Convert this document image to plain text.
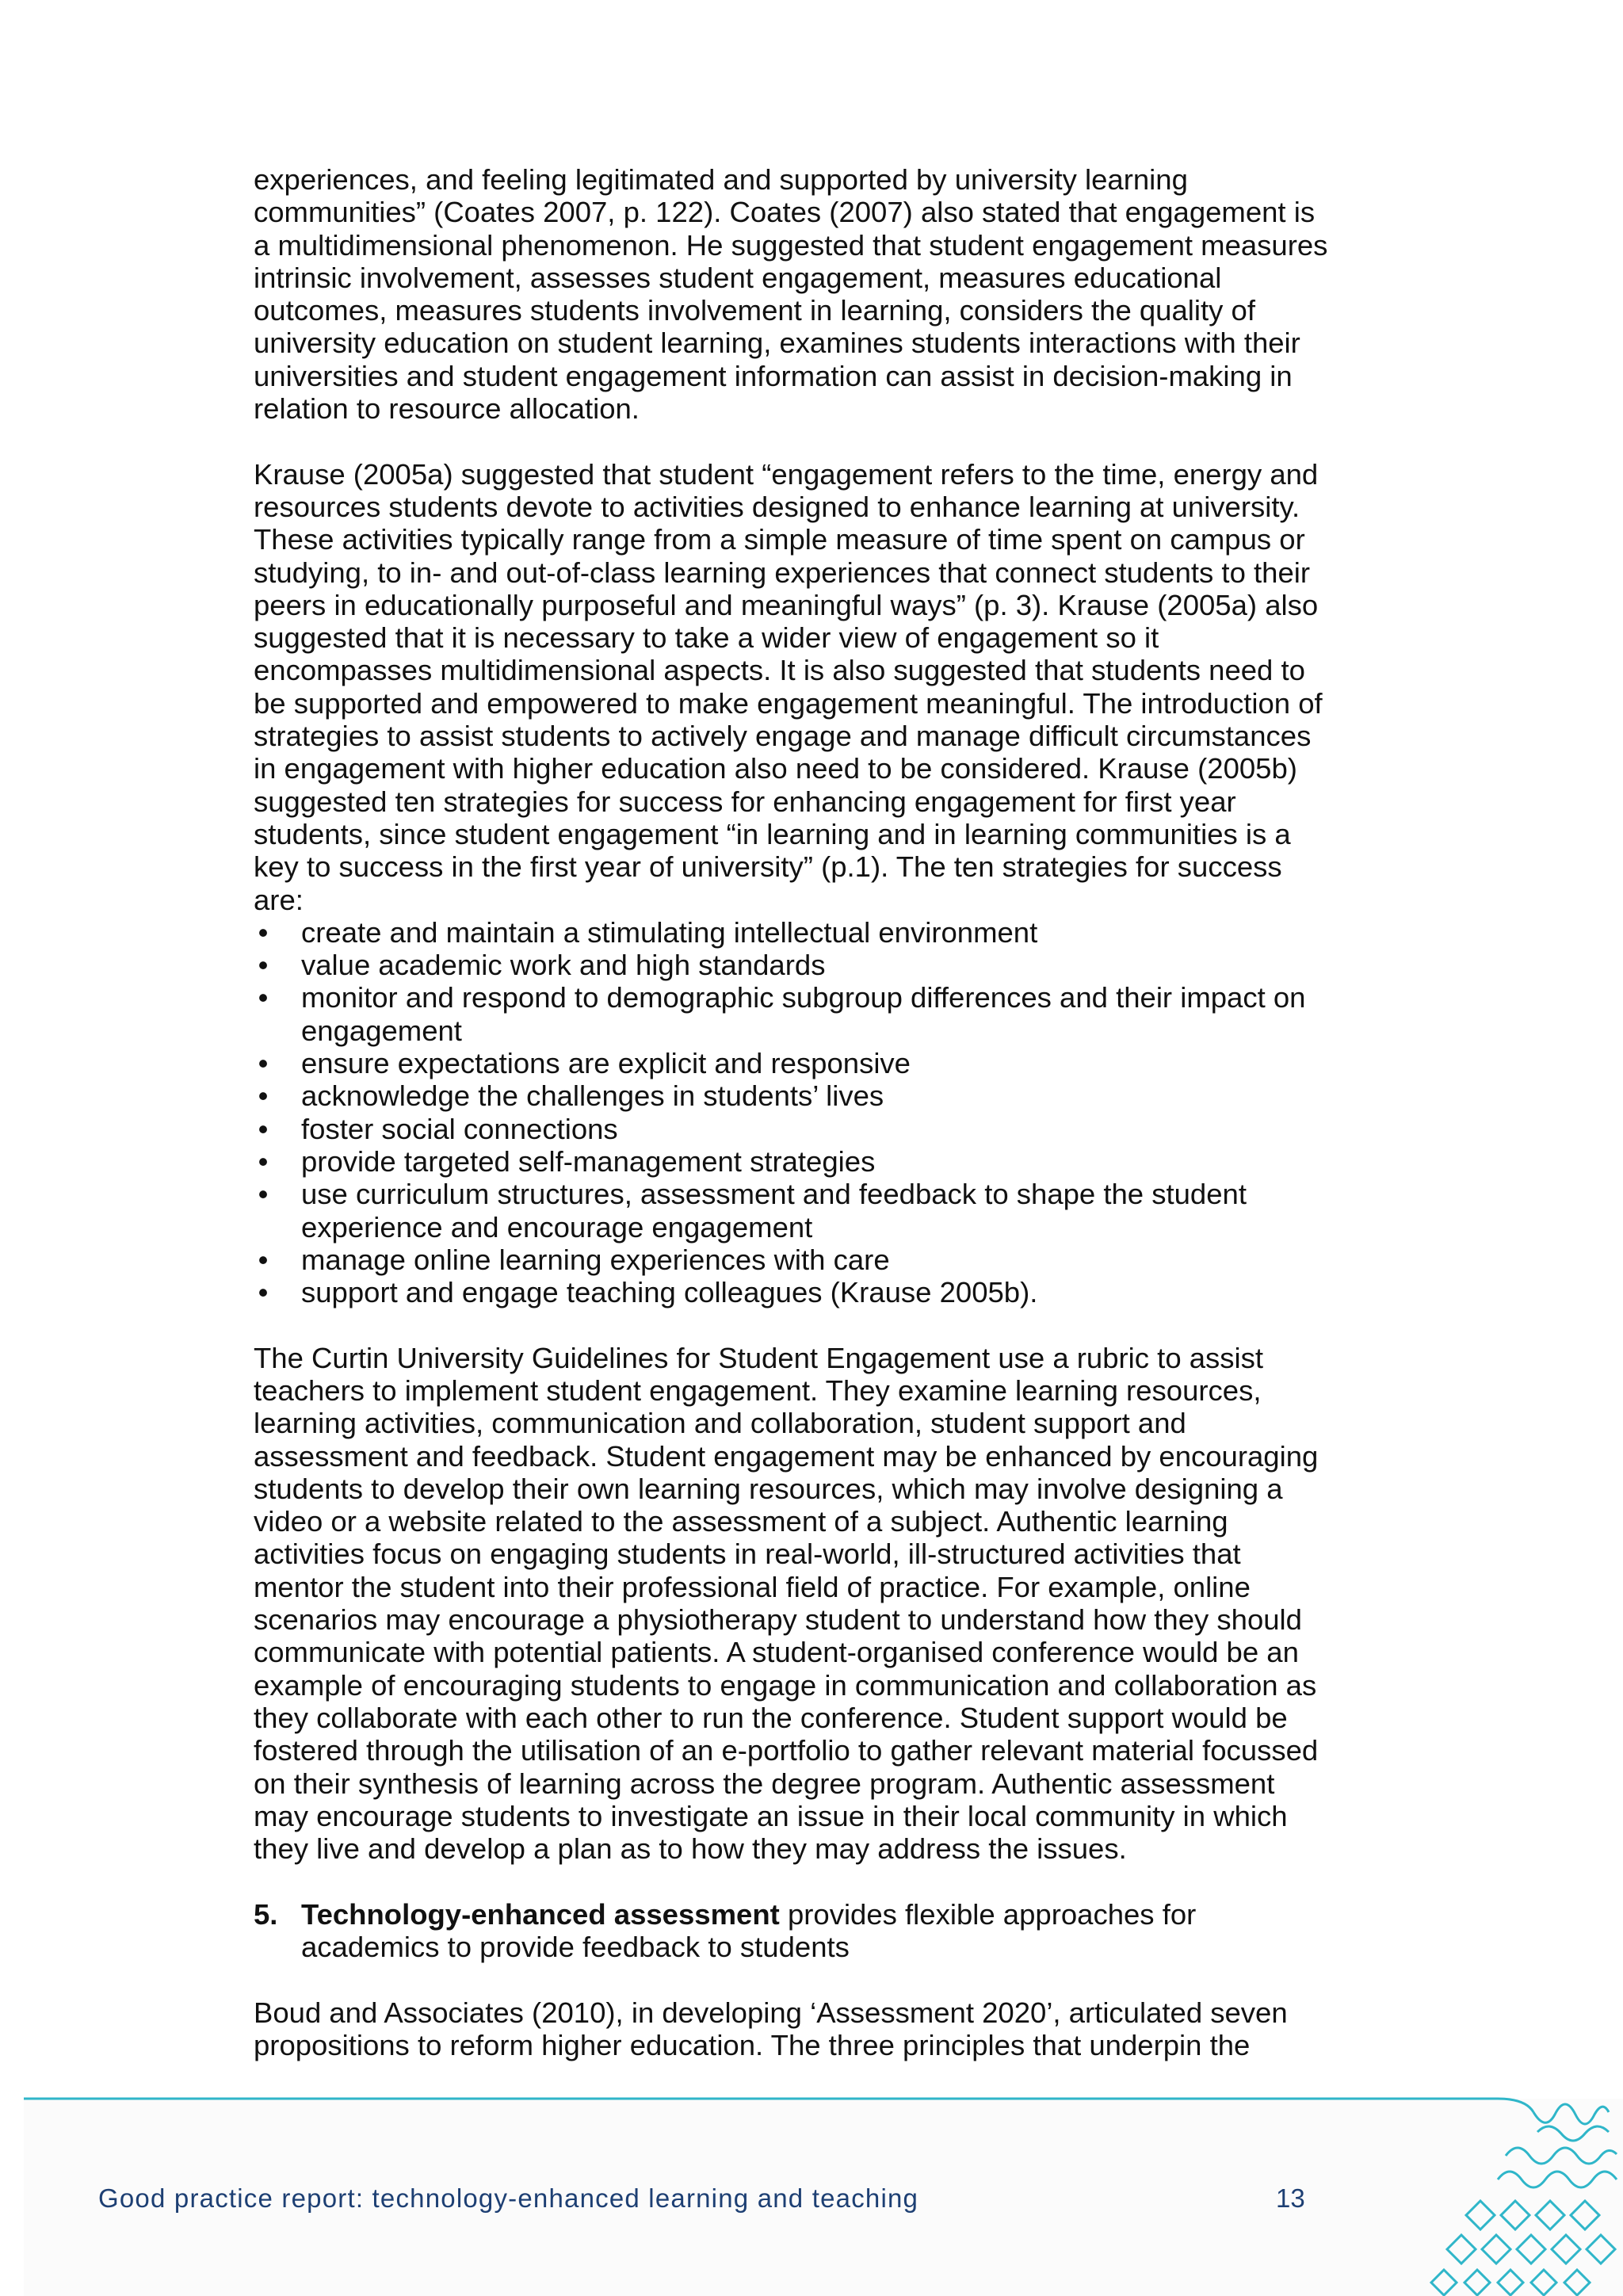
experiences, and feeling legitimated and supported by university learning
communities” (Coates 2007, p. 122). Coates (2007) also stated that engagement is
a multidimensional phenomenon. He suggested that student engagement measures
intrinsic involvement, assesses student engagement, measures educational
outcomes, measures students involvement in learning, considers the quality of
university education on student learning, examines students interactions with their
universities and student engagement information can assist in decision-making in
relation to resource allocation.

Krause (2005a) suggested that student “engagement refers to the time, energy and
resources students devote to activities designed to enhance learning at university.
These activities typically range from a simple measure of time spent on campus or
studying, to in- and out-of-class learning experiences that connect students to their
peers in educationally purposeful and meaningful ways” (p. 3). Krause (2005a) also
suggested that it is necessary to take a wider view of engagement so it
encompasses multidimensional aspects. It is also suggested that students need to
be supported and empowered to make engagement meaningful. The introduction of
strategies to assist students to actively engage and manage difficult circumstances
in engagement with higher education also need to be considered. Krause (2005b)
suggested ten strategies for success for enhancing engagement for first year
students, since student engagement “in learning and in learning communities is a
key to success in the first year of university” (p.1). The ten strategies for success
are:

• create and maintain a stimulating intellectual environment
• value academic work and high standards
• monitor and respond to demographic subgroup differences and their impact on
engagement
• ensure expectations are explicit and responsive
• acknowledge the challenges in students’ lives
• foster social connections
• provide targeted self-management strategies
• use curriculum structures, assessment and feedback to shape the student
experience and encourage engagement
• manage online learning experiences with care
• support and engage teaching colleagues (Krause 2005b).

The Curtin University Guidelines for Student Engagement use a rubric to assist
teachers to implement student engagement. They examine learning resources,
learning activities, communication and collaboration, student support and
assessment and feedback. Student engagement may be enhanced by encouraging
students to develop their own learning resources, which may involve designing a
video or a website related to the assessment of a subject. Authentic learning
activities focus on engaging students in real-world, ill-structured activities that
mentor the student into their professional field of practice. For example, online
scenarios may encourage a physiotherapy student to understand how they should
communicate with potential patients. A student-organised conference would be an
example of encouraging students to engage in communication and collaboration as
they collaborate with each other to run the conference. Student support would be
fostered through the utilisation of an e-portfolio to gather relevant material focussed
on their synthesis of learning across the degree program. Authentic assessment
may encourage students to investigate an issue in their local community in which
they live and develop a plan as to how they may address the issues.

5. Technology-enhanced assessment provides flexible approaches for
academics to provide feedback to students

Boud and Associates (2010), in developing ‘Assessment 2020’, articulated seven
propositions to reform higher education. The three principles that underpin the

Good practice report: technology-enhanced learning and teaching	13
